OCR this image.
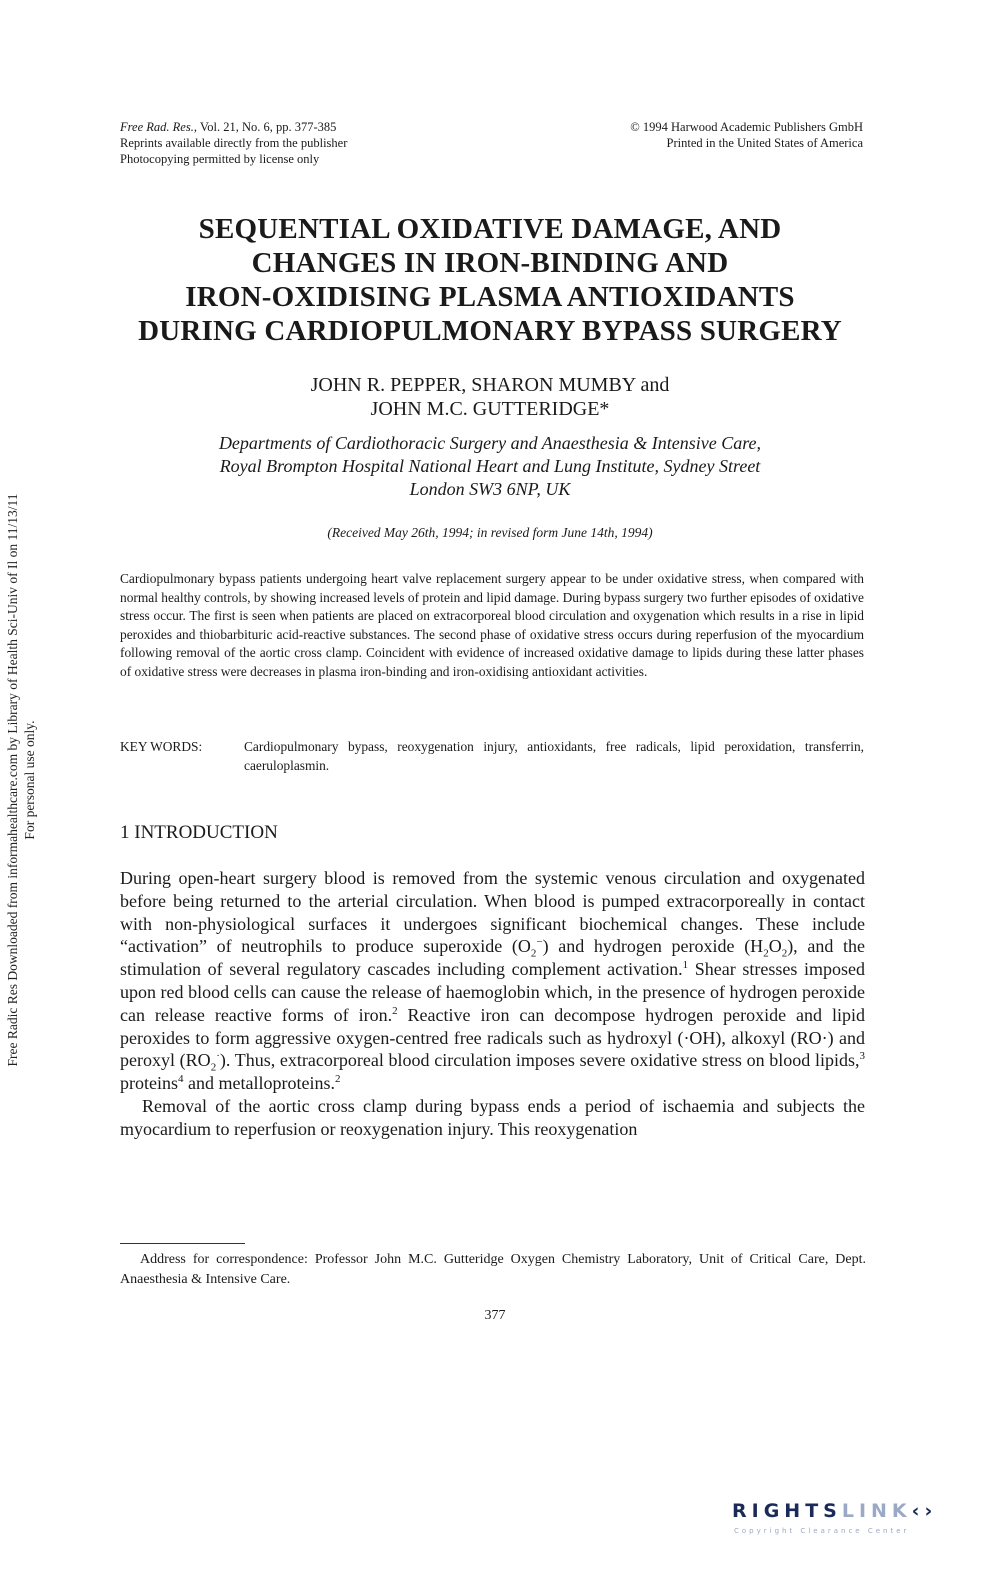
Free Rad. Res., Vol. 21, No. 6, pp. 377-385
Reprints available directly from the publisher
Photocopying permitted by license only
© 1994 Harwood Academic Publishers GmbH
Printed in the United States of America
SEQUENTIAL OXIDATIVE DAMAGE, AND
CHANGES IN IRON-BINDING AND
IRON-OXIDISING PLASMA ANTIOXIDANTS
DURING CARDIOPULMONARY BYPASS SURGERY
JOHN R. PEPPER, SHARON MUMBY and
JOHN M.C. GUTTERIDGE*
Departments of Cardiothoracic Surgery and Anaesthesia & Intensive Care,
Royal Brompton Hospital National Heart and Lung Institute, Sydney Street
London SW3 6NP, UK
(Received May 26th, 1994; in revised form June 14th, 1994)
Cardiopulmonary bypass patients undergoing heart valve replacement surgery appear to be under oxidative stress, when compared with normal healthy controls, by showing increased levels of protein and lipid damage. During bypass surgery two further episodes of oxidative stress occur. The first is seen when patients are placed on extracorporeal blood circulation and oxygenation which results in a rise in lipid peroxides and thiobarbituric acid-reactive substances. The second phase of oxidative stress occurs during reperfusion of the myocardium following removal of the aortic cross clamp. Coincident with evidence of increased oxidative damage to lipids during these latter phases of oxidative stress were decreases in plasma iron-binding and iron-oxidising antioxidant activities.
KEY WORDS:	Cardiopulmonary bypass, reoxygenation injury, antioxidants, free radicals, lipid peroxidation, transferrin, caeruloplasmin.
1 INTRODUCTION

During open-heart surgery blood is removed from the systemic venous circulation and oxygenated before being returned to the arterial circulation. When blood is pumped extracorporeally in contact with non-physiological surfaces it undergoes significant biochemical changes. These include “activation” of neutrophils to produce superoxide $(O_2^-)$ and hydrogen peroxide $(H_2O_2)$, and the stimulation of several regulatory cascades including complement activation.$^1$ Shear stresses imposed upon red blood cells can cause the release of haemoglobin which, in the presence of hydrogen peroxide can release reactive forms of iron.$^2$ Reactive iron can decompose hydrogen peroxide and lipid peroxides to form aggressive oxygen-centred free radicals such as hydroxyl (·OH), alkoxyl (RO·) and peroxyl $(RO_2^\cdot)$. Thus, extracorporeal blood circulation imposes severe oxidative stress on blood lipids,$^3$ proteins$^4$ and metalloproteins.$^2$

Removal of the aortic cross clamp during bypass ends a period of ischaemia and subjects the myocardium to reperfusion or reoxygenation injury. This reoxygenation

Address for correspondence: Professor John M.C. Gutteridge Oxygen Chemistry Laboratory, Unit of Critical Care, Dept. Anaesthesia & Intensive Care.
377
Free Radic Res Downloaded from informahealthcare.com by Library of Health Sci-Univ of Il on 11/13/11 For personal use only.
RIGHTSLINK‹›
Copyright Clearance Center
